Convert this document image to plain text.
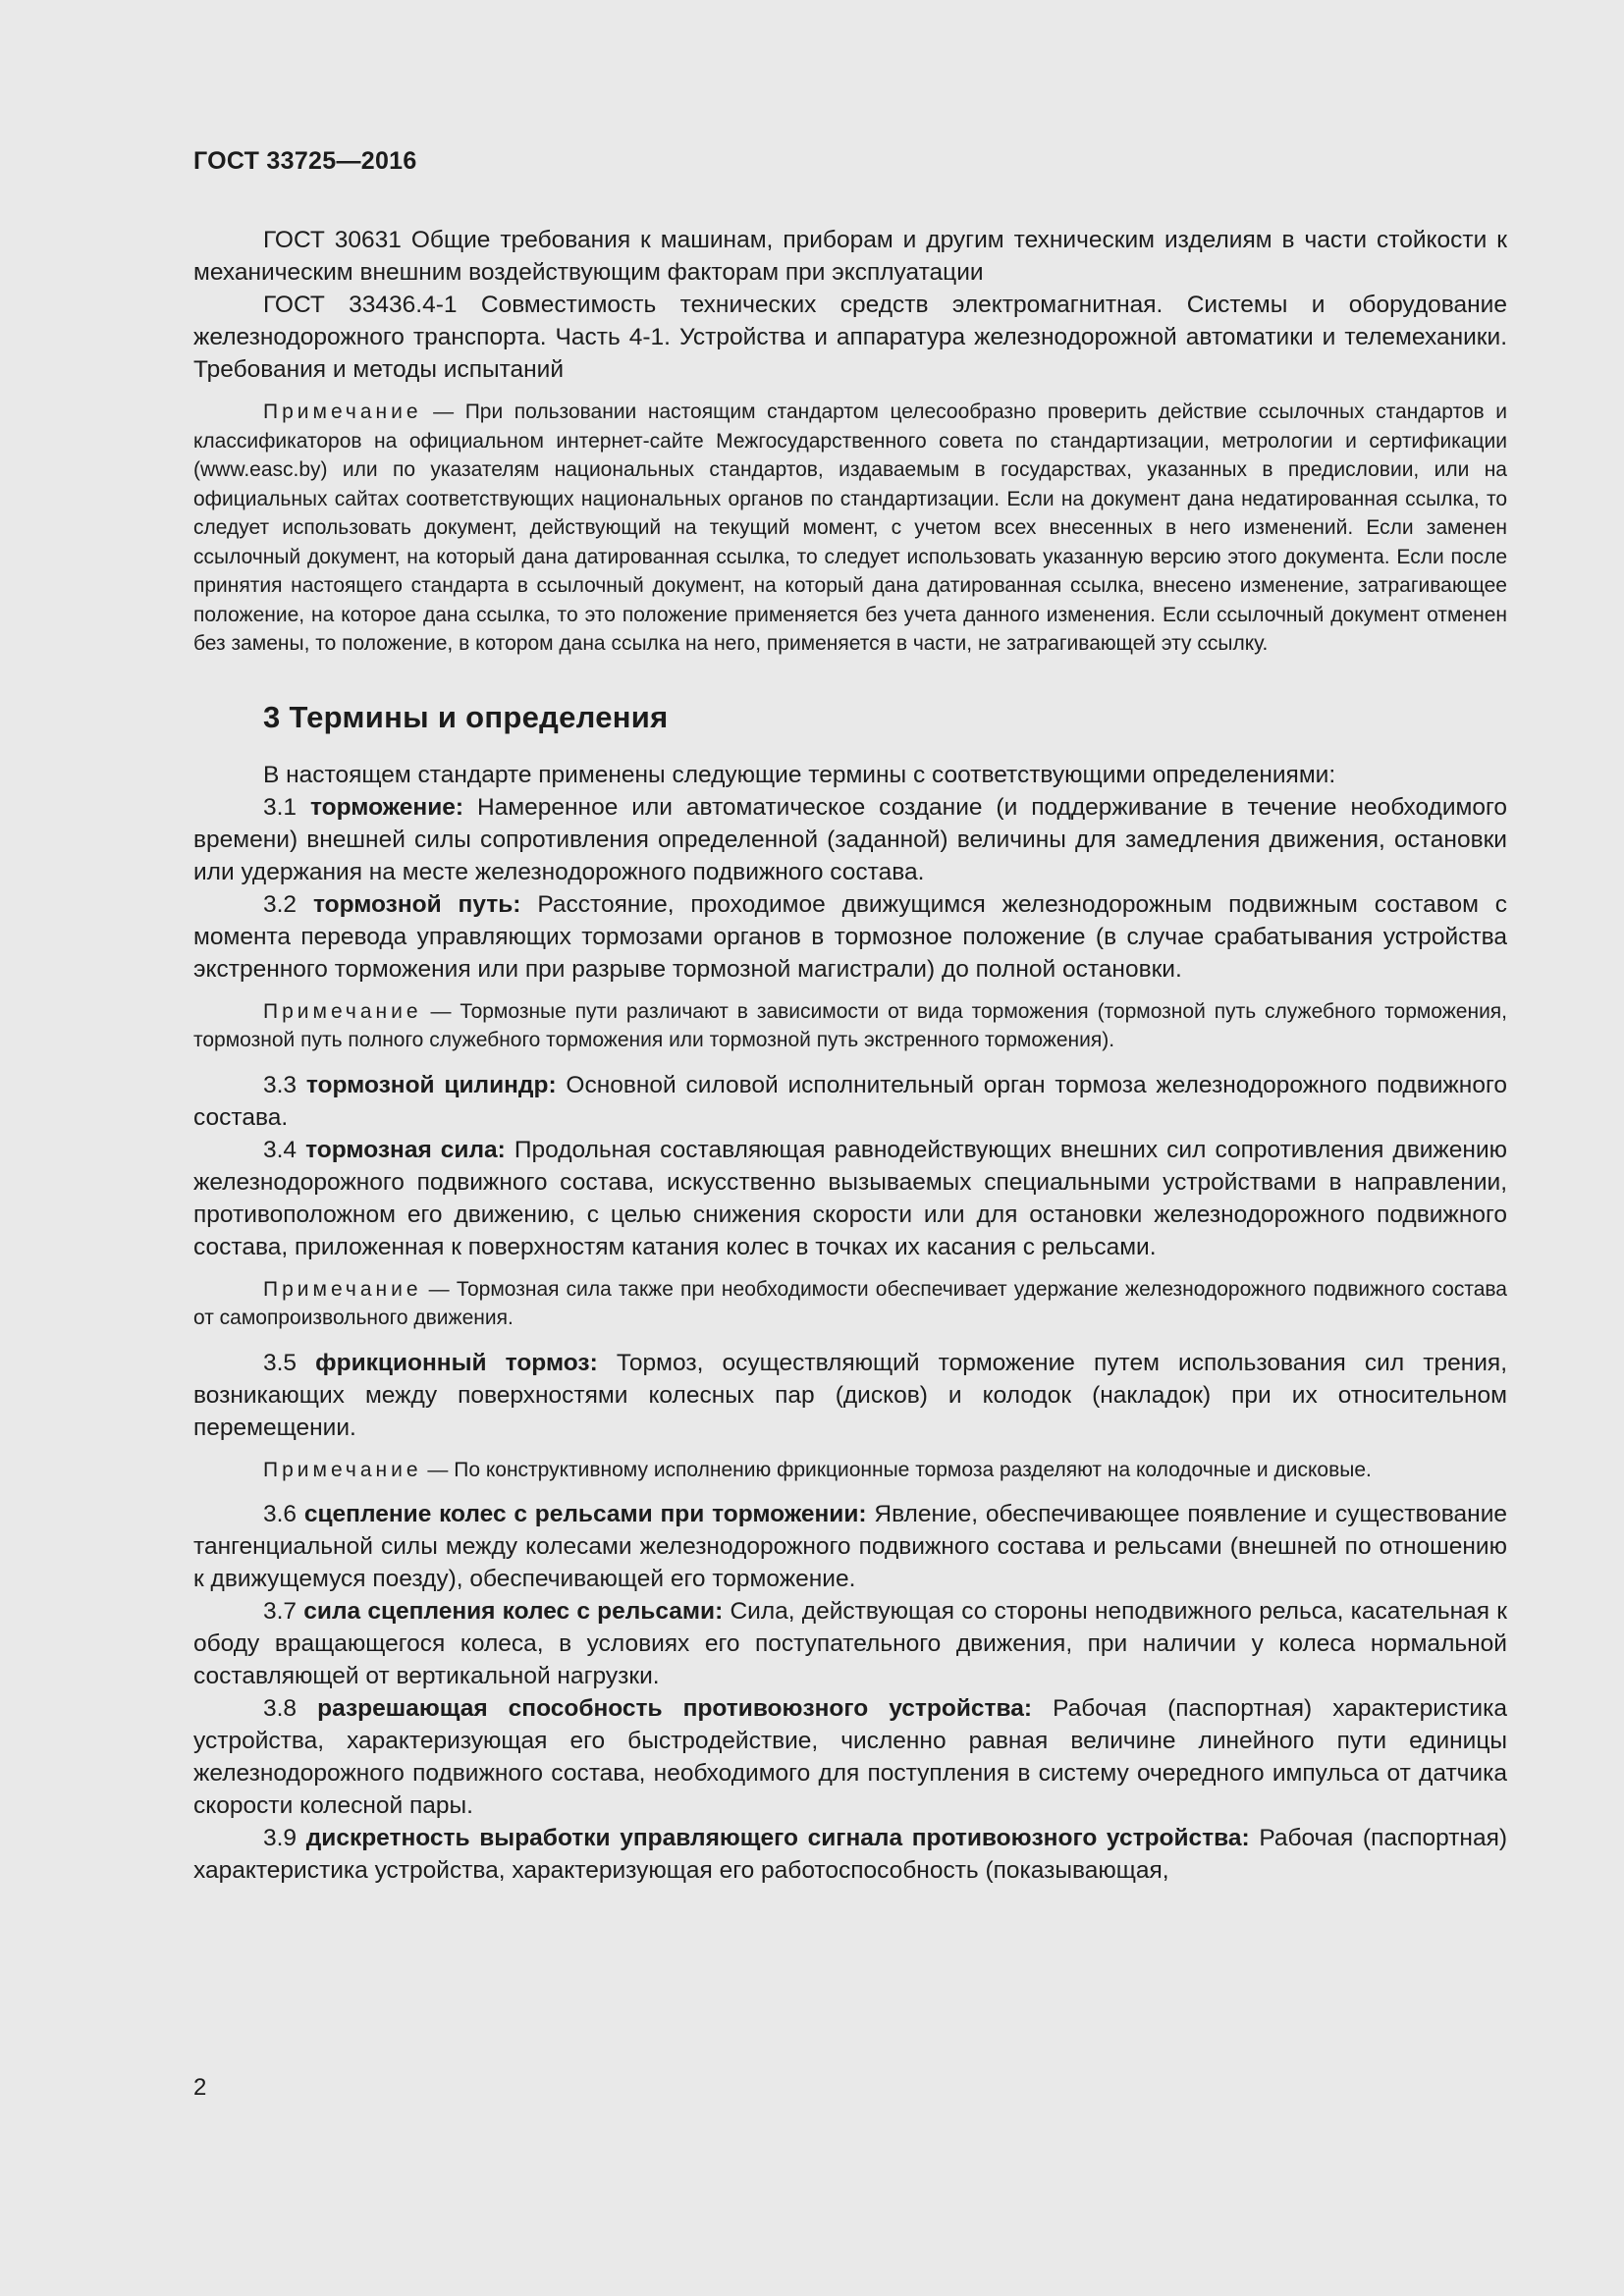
ГОСТ 33725—2016

ГОСТ 30631 Общие требования к машинам, приборам и другим техническим изделиям в части стойкости к механическим внешним воздействующим факторам при эксплуатации

ГОСТ 33436.4-1 Совместимость технических средств электромагнитная. Системы и оборудование железнодорожного транспорта. Часть 4-1. Устройства и аппаратура железнодорожной автоматики и телемеханики. Требования и методы испытаний

Примечание — При пользовании настоящим стандартом целесообразно проверить действие ссылочных стандартов и классификаторов на официальном интернет-сайте Межгосударственного совета по стандартизации, метрологии и сертификации (www.easc.by) или по указателям национальных стандартов, издаваемым в государствах, указанных в предисловии, или на официальных сайтах соответствующих национальных органов по стандартизации. Если на документ дана недатированная ссылка, то следует использовать документ, действующий на текущий момент, с учетом всех внесенных в него изменений. Если заменен ссылочный документ, на который дана датированная ссылка, то следует использовать указанную версию этого документа. Если после принятия настоящего стандарта в ссылочный документ, на который дана датированная ссылка, внесено изменение, затрагивающее положение, на которое дана ссылка, то это положение применяется без учета данного изменения. Если ссылочный документ отменен без замены, то положение, в котором дана ссылка на него, применяется в части, не затрагивающей эту ссылку.

3 Термины и определения

В настоящем стандарте применены следующие термины с соответствующими определениями:

3.1 торможение: Намеренное или автоматическое создание (и поддерживание в течение необходимого времени) внешней силы сопротивления определенной (заданной) величины для замедления движения, остановки или удержания на месте железнодорожного подвижного состава.

3.2 тормозной путь: Расстояние, проходимое движущимся железнодорожным подвижным составом с момента перевода управляющих тормозами органов в тормозное положение (в случае срабатывания устройства экстренного торможения или при разрыве тормозной магистрали) до полной остановки.

Примечание — Тормозные пути различают в зависимости от вида торможения (тормозной путь служебного торможения, тормозной путь полного служебного торможения или тормозной путь экстренного торможения).

3.3 тормозной цилиндр: Основной силовой исполнительный орган тормоза железнодорожного подвижного состава.

3.4 тормозная сила: Продольная составляющая равнодействующих внешних сил сопротивления движению железнодорожного подвижного состава, искусственно вызываемых специальными устройствами в направлении, противоположном его движению, с целью снижения скорости или для остановки железнодорожного подвижного состава, приложенная к поверхностям катания колес в точках их касания с рельсами.

Примечание — Тормозная сила также при необходимости обеспечивает удержание железнодорожного подвижного состава от самопроизвольного движения.

3.5 фрикционный тормоз: Тормоз, осуществляющий торможение путем использования сил трения, возникающих между поверхностями колесных пар (дисков) и колодок (накладок) при их относительном перемещении.

Примечание — По конструктивному исполнению фрикционные тормоза разделяют на колодочные и дисковые.

3.6 сцепление колес с рельсами при торможении: Явление, обеспечивающее появление и существование тангенциальной силы между колесами железнодорожного подвижного состава и рельсами (внешней по отношению к движущемуся поезду), обеспечивающей его торможение.

3.7 сила сцепления колес с рельсами: Сила, действующая со стороны неподвижного рельса, касательная к ободу вращающегося колеса, в условиях его поступательного движения, при наличии у колеса нормальной составляющей от вертикальной нагрузки.

3.8 разрешающая способность противоюзного устройства: Рабочая (паспортная) характеристика устройства, характеризующая его быстродействие, численно равная величине линейного пути единицы железнодорожного подвижного состава, необходимого для поступления в систему очередного импульса от датчика скорости колесной пары.

3.9 дискретность выработки управляющего сигнала противоюзного устройства: Рабочая (паспортная) характеристика устройства, характеризующая его работоспособность (показывающая,

2
